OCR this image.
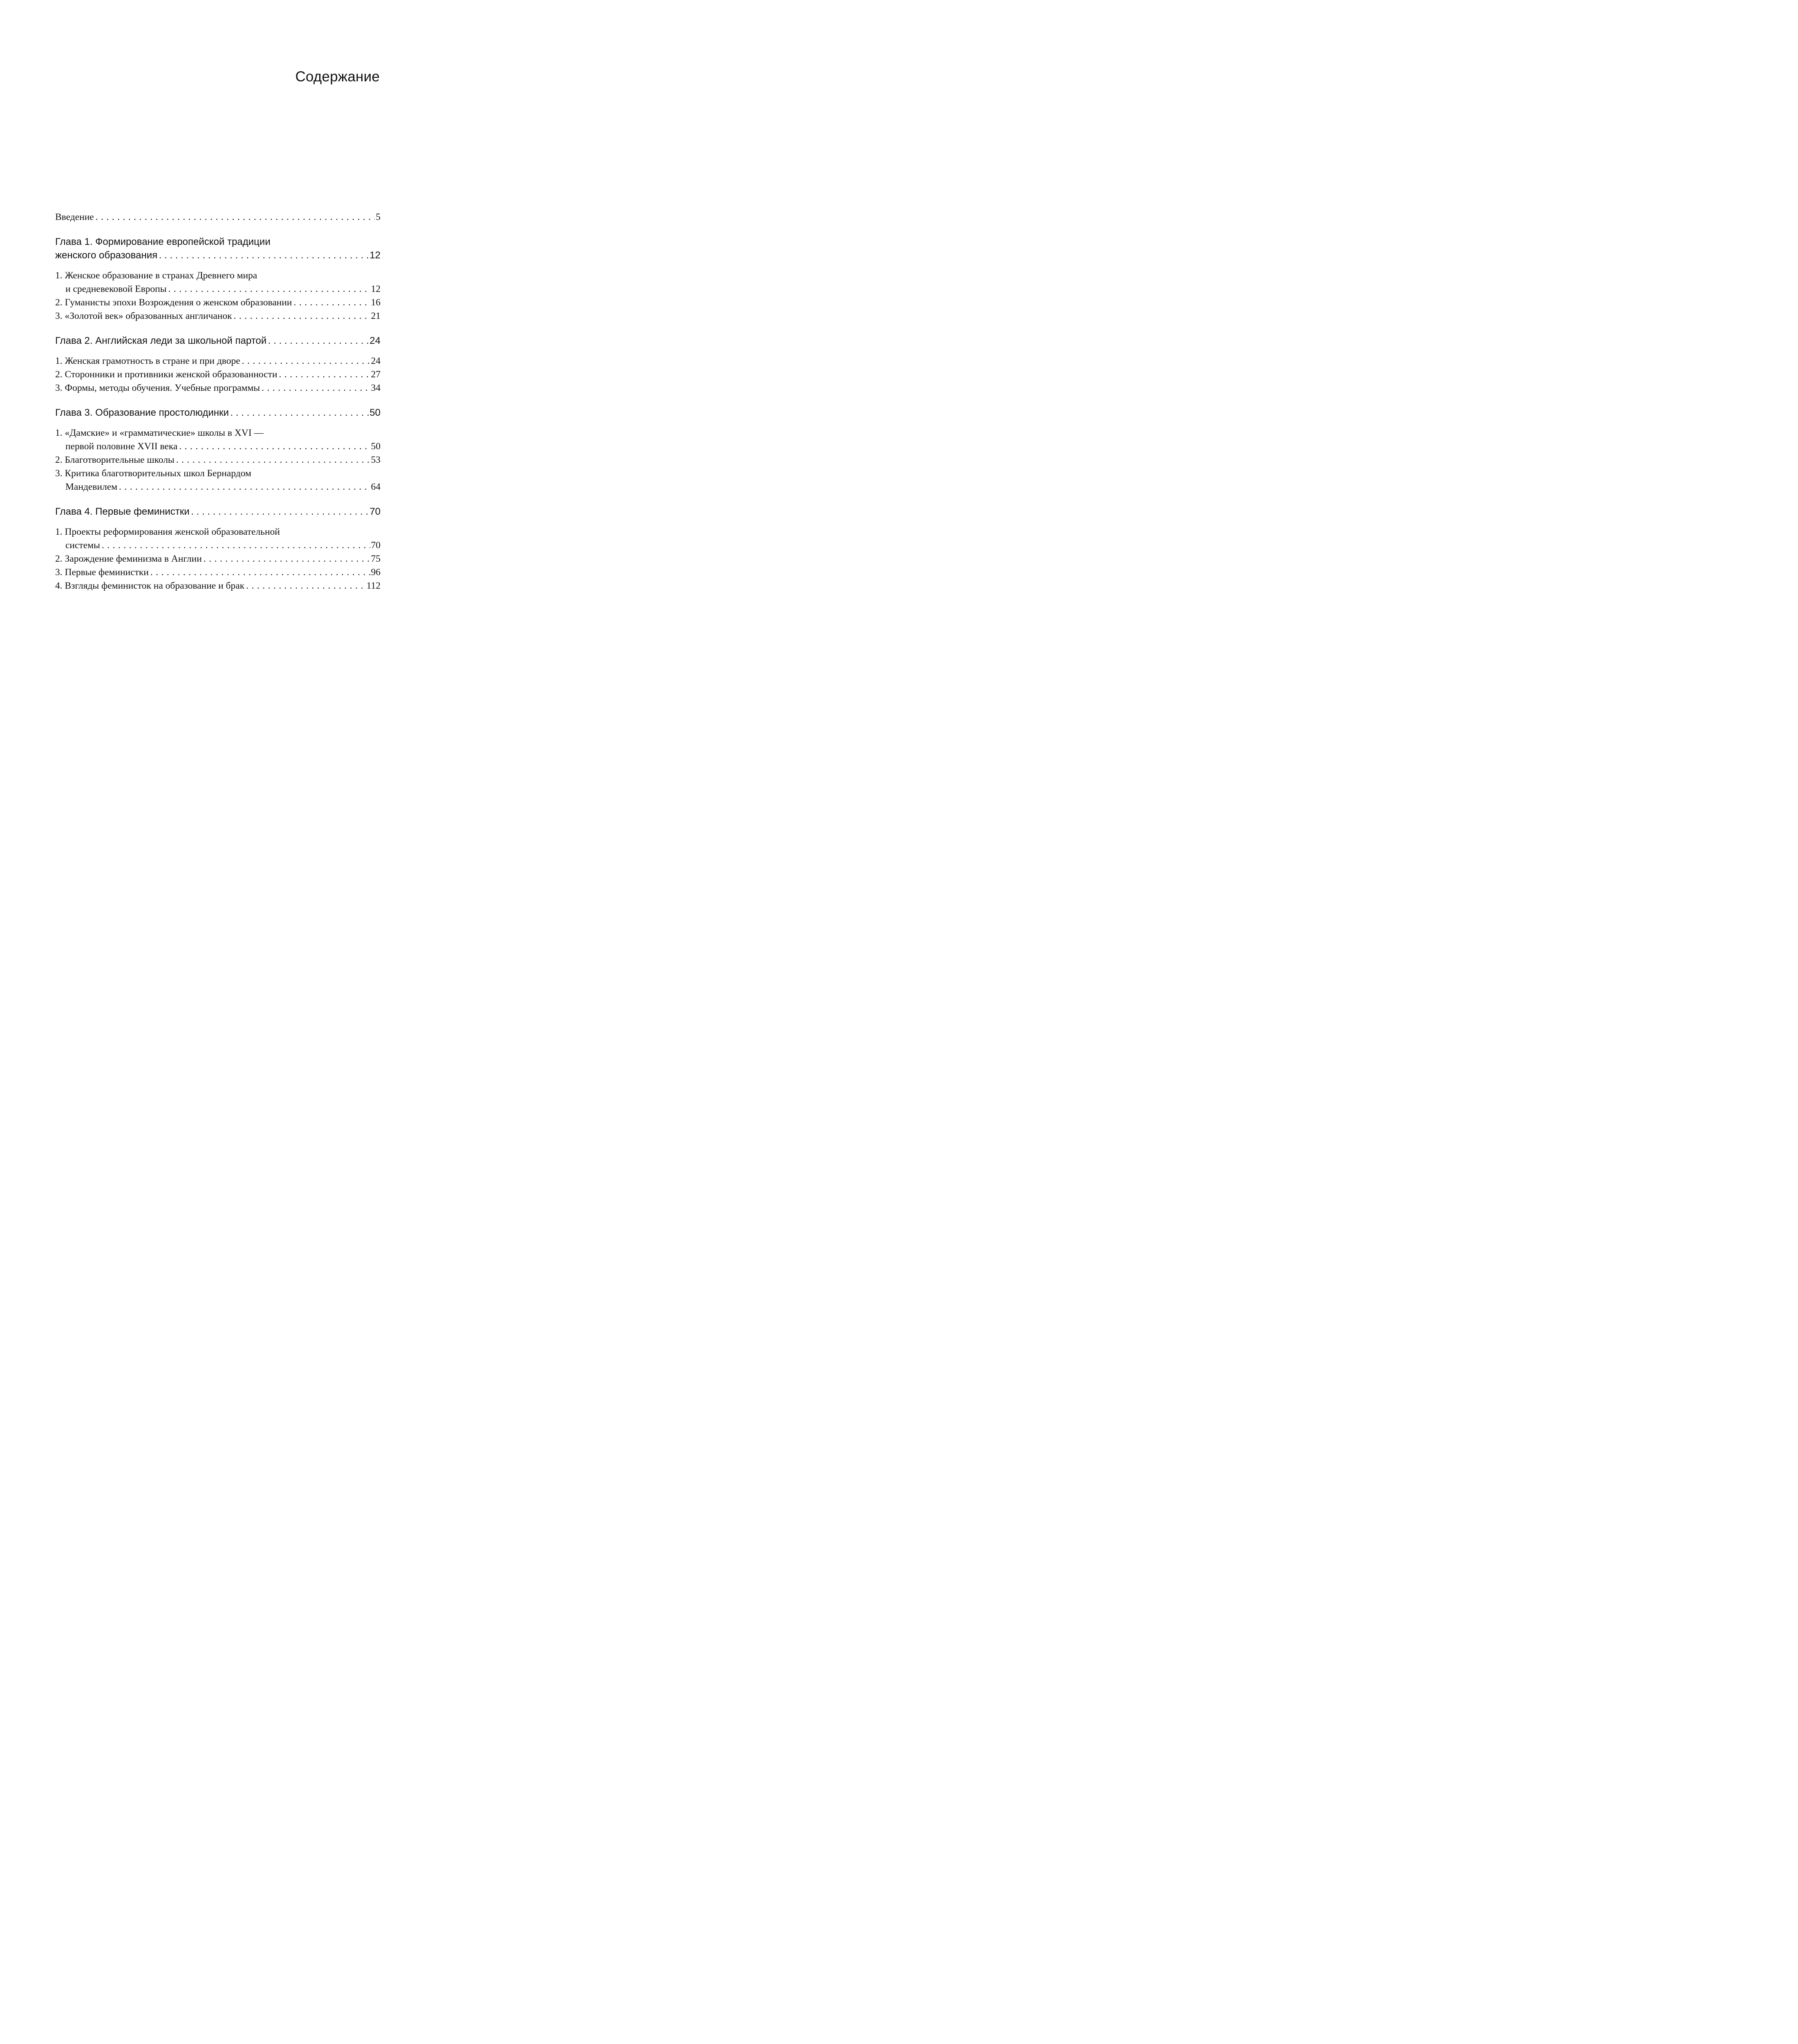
Содержание
Введение . . .	5
Глава 1. Формирование европейской традиции
женского образования . . .	12
1. Женское образование в странах Древнего мира
и средневековой Европы . . .	12
2. Гуманисты эпохи Возрождения о женском образовании . . .	16
3. «Золотой век» образованных англичанок . . .	21
Глава 2. Английская леди за школьной партой . . .	24
1. Женская грамотность в стране и при дворе . . .	24
2. Сторонники и противники женской образованности . . .	27
3. Формы, методы обучения. Учебные программы . . .	34
Глава 3. Образование простолюдинки . . .	50
1. «Дамские» и «грамматические» школы в XVI —
первой половине XVII века . . .	50
2. Благотворительные школы . . .	53
3. Критика благотворительных школ Бернардом
Мандевилем . . .	64
Глава 4. Первые феминистки . . .	70
1. Проекты реформирования женской образовательной
системы . . .	70
2. Зарождение феминизма в Англии . . .	75
3. Первые феминистки . . .	96
4. Взгляды феминисток на образование и брак . . .	112
